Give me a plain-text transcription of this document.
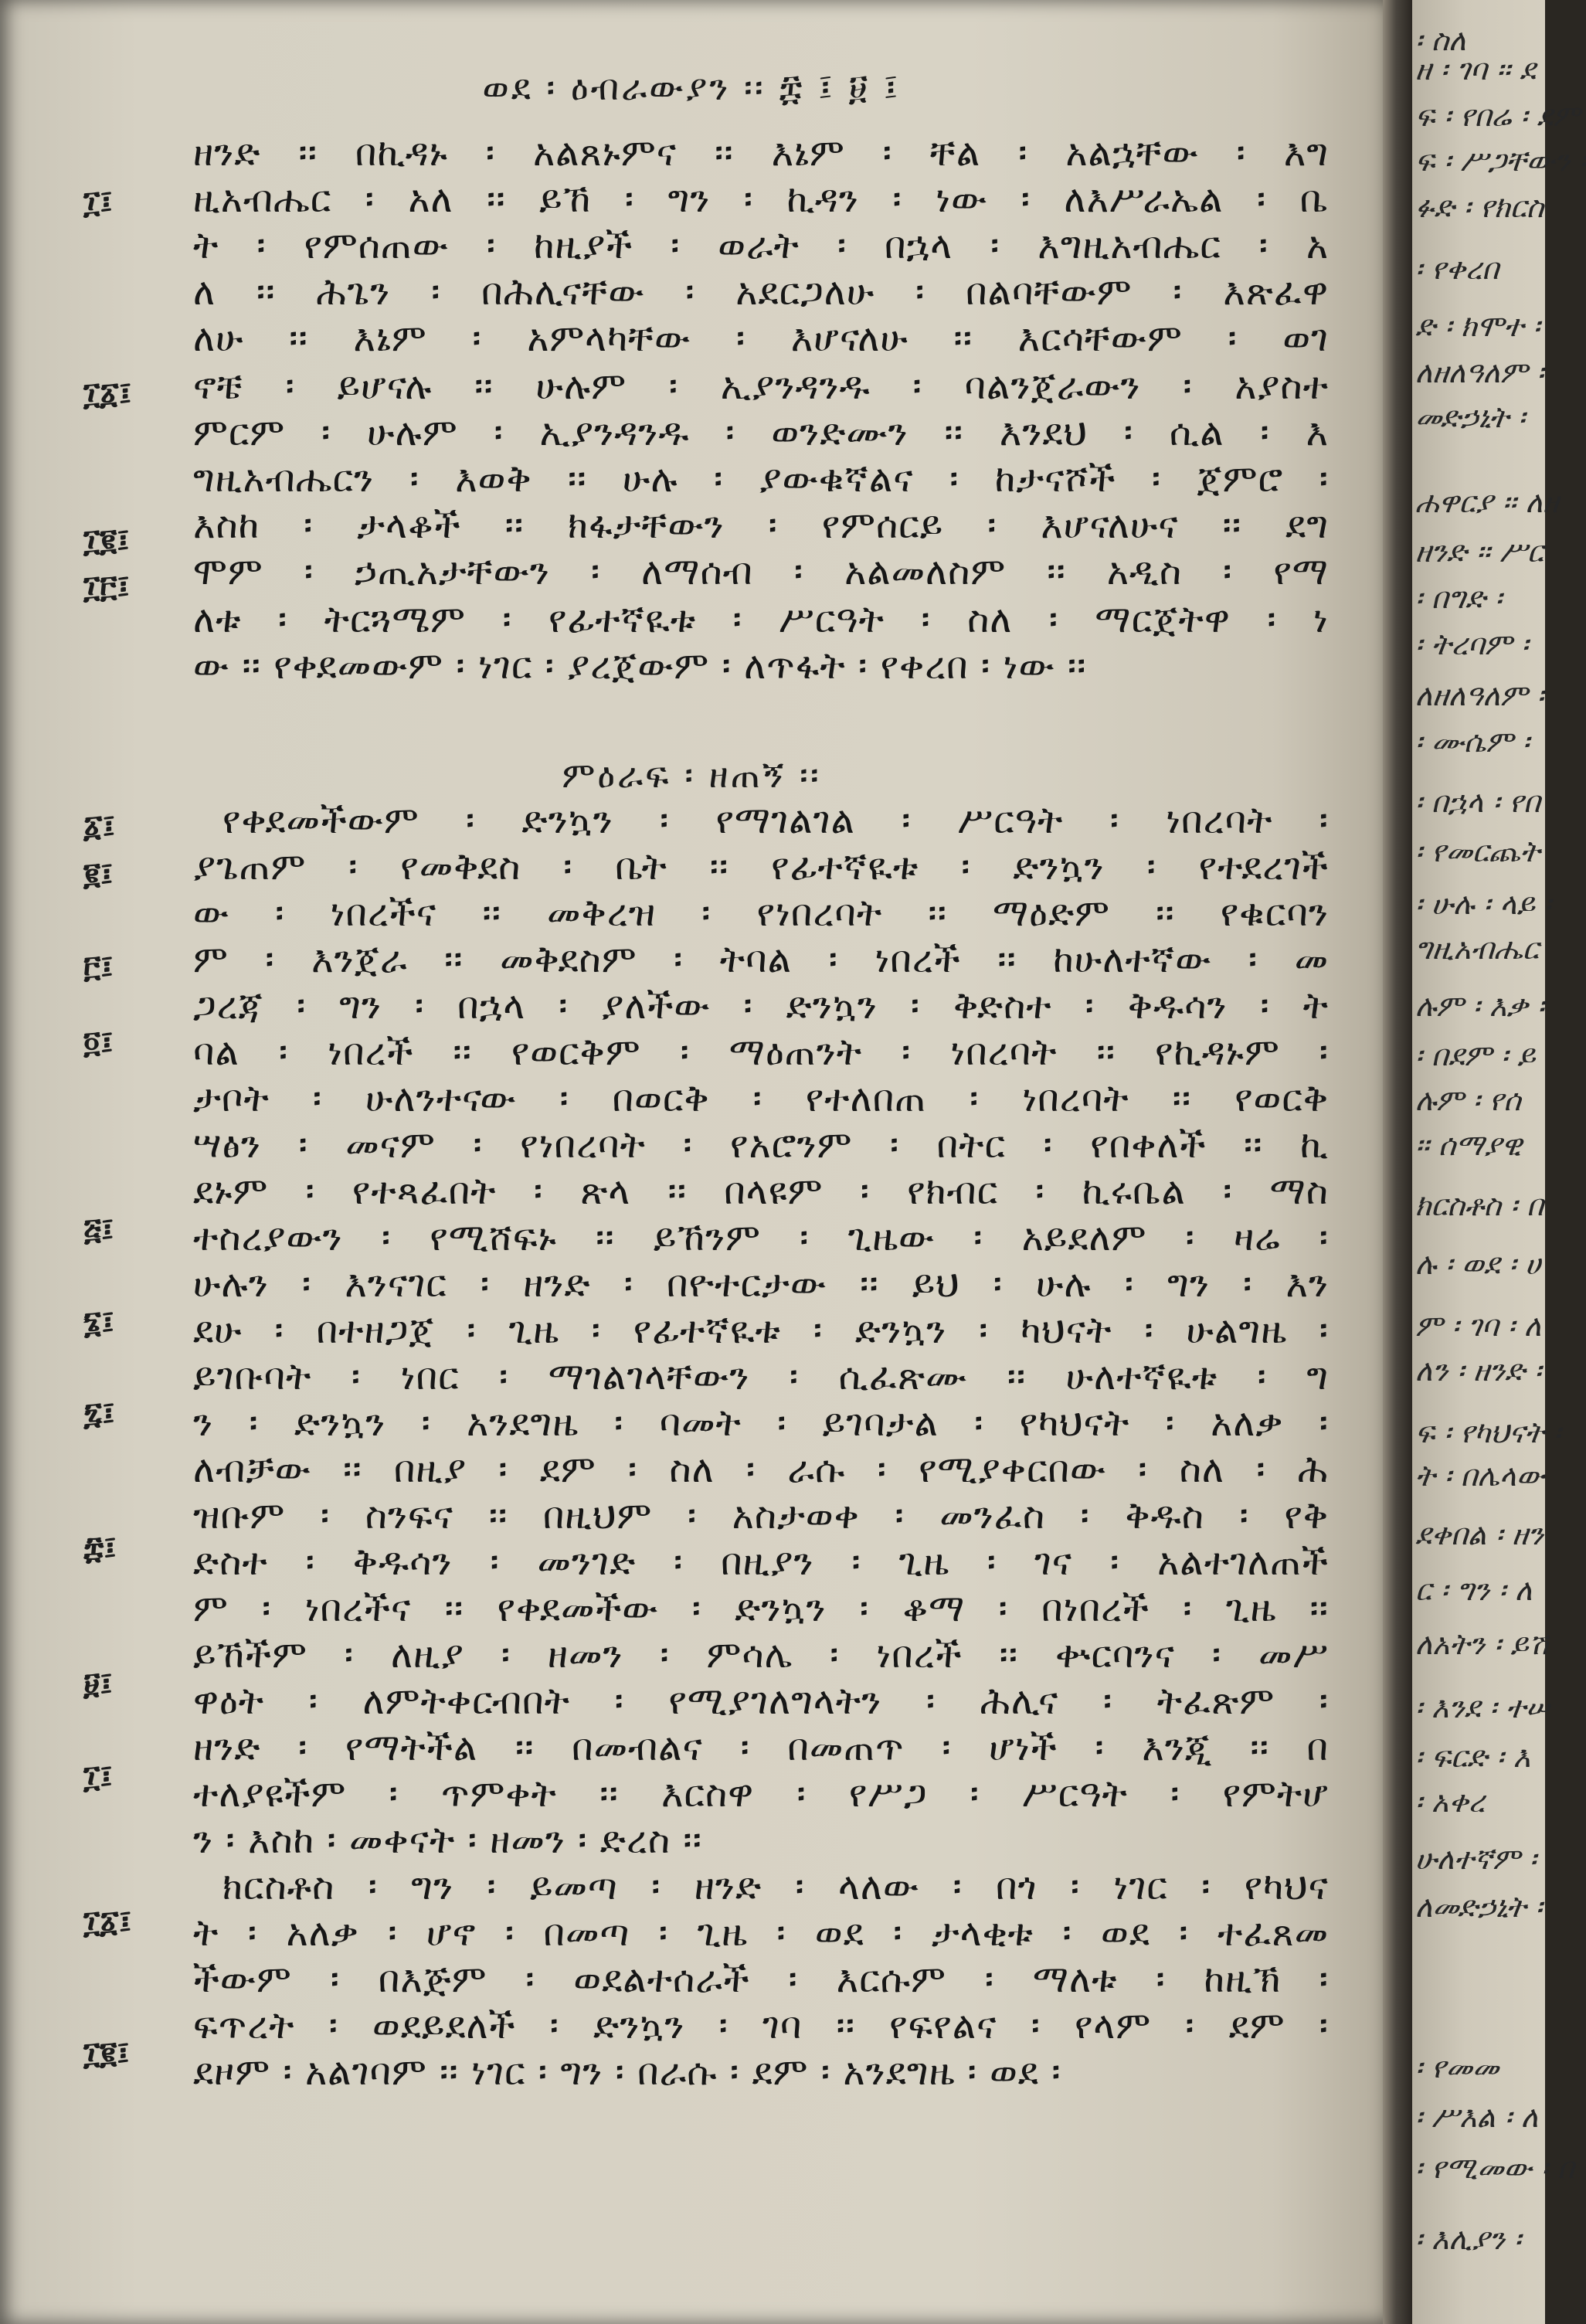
ወደ ፡ ዕብራውያን ፡፡ ፰ ፤ ፱ ፤
ምዕራፍ ፡ ዘጠኝ ፡፡
፲፤
፲፩፤
፲፪፤
፲፫፤
፩፤
፪፤
፫፤
፬፤
፭፤
፮፤
፯፤
፰፤
፱፤
፲፤
፲፩፤
፲፪፤
ዘንድ ፡፡ በኪዳኑ ፡ አልጸኑምና ፡፡ እኔም ፡ ቸል ፡ አልኋቸው ፡ እግ
ዚአብሔር ፡ አለ ፡፡ ይኸ ፡ ግን ፡ ኪዳን ፡ ነው ፡ ለእሥራኤል ፡ ቤ
ት ፡ የምሰጠው ፡ ከዚያች ፡ ወራት ፡ በኋላ ፡ እግዚአብሔር ፡ አ
ለ ፡፡ ሕጌን ፡ በሕሊናቸው ፡ አደርጋለሁ ፡ በልባቸውም ፡ እጽፈዋ
ለሁ ፡፡ እኔም ፡ አምላካቸው ፡ እሆናለሁ ፡፡ እርሳቸውም ፡ ወገ
ኖቼ ፡ ይሆናሉ ፡፡ ሁሉም ፡ ኢያንዳንዱ ፡ ባልንጀራውን ፡ አያስተ
ምርም ፡ ሁሉም ፡ ኢያንዳንዱ ፡ ወንድሙን ፡፡ እንደህ ፡ ሲል ፡ እ
ግዚአብሔርን ፡ እወቅ ፡፡ ሁሉ ፡ ያውቁኛልና ፡ ከታናሾች ፡ ጀምሮ ፡
እስከ ፡ ታላቆች ፡፡ ክፋታቸውን ፡ የምሰርይ ፡ እሆናለሁና ፡፡ ደግ
ሞም ፡ ኃጢአታቸውን ፡ ለማሰብ ፡ አልመለስም ፡፡ አዲስ ፡ የማ
ለቱ ፡ ትርጓሜም ፡ የፊተኛዪቱ ፡ ሥርዓት ፡ ስለ ፡ ማርጀትዋ ፡ ነ
ው ፡፡ የቀደመውም ፡ ነገር ፡ ያረጀውም ፡ ለጥፋት ፡ የቀረበ ፡ ነው ፡፡
የቀደመችውም ፡ ድንኳን ፡ የማገልገል ፡ ሥርዓት ፡ ነበረባት ፡
ያጌጠም ፡ የመቅደስ ፡ ቤት ፡፡ የፊተኛዪቱ ፡ ድንኳን ፡ የተደረገች
ው ፡ ነበረችና ፡፡ መቅረዝ ፡ የነበረባት ፡፡ ማዕድም ፡፡ የቁርባን
ም ፡ እንጀራ ፡፡ መቅደስም ፡ ትባል ፡ ነበረች ፡፡ ከሁለተኛው ፡ መ
ጋረጃ ፡ ግን ፡ በኋላ ፡ ያለችው ፡ ድንኳን ፡ ቅድስተ ፡ ቅዱሳን ፡ ት
ባል ፡ ነበረች ፡፡ የወርቅም ፡ ማዕጠንት ፡ ነበረባት ፡፡ የኪዳኑም ፡
ታቦት ፡ ሁለንተናው ፡ በወርቅ ፡ የተለበጠ ፡ ነበረባት ፡፡ የወርቅ
ሣፅን ፡ መናም ፡ የነበረባት ፡ የአሮንም ፡ በትር ፡ የበቀለች ፡፡ ኪ
ደኑም ፡ የተጻፈበት ፡ ጽላ ፡፡ በላዩም ፡ የክብር ፡ ኪሩቤል ፡ ማስ
ተስረያውን ፡ የሚሸፍኑ ፡፡ ይኸንም ፡ ጊዜው ፡ አይደለም ፡ ዛሬ ፡
ሁሉን ፡ እንናገር ፡ ዘንድ ፡ በዮተርታው ፡፡ ይህ ፡ ሁሉ ፡ ግን ፡ እን
ደሁ ፡ በተዘጋጀ ፡ ጊዜ ፡ የፊተኛዪቱ ፡ ድንኳን ፡ ካህናት ፡ ሁልግዜ ፡
ይገቡባት ፡ ነበር ፡ ማገልገላቸውን ፡ ሲፈጽሙ ፡፡ ሁለተኛዪቱ ፡ ግ
ን ፡ ድንኳን ፡ አንደግዜ ፡ ባመት ፡ ይገባታል ፡ የካህናት ፡ አለቃ ፡
ለብቻው ፡፡ በዚያ ፡ ደም ፡ ስለ ፡ ራሱ ፡ የሚያቀርበው ፡ ስለ ፡ ሕ
ዝቡም ፡ ስንፍና ፡፡ በዚህም ፡ አስታወቀ ፡ መንፈስ ፡ ቅዱስ ፡ የቅ
ድስተ ፡ ቅዱሳን ፡ መንገድ ፡ በዚያን ፡ ጊዜ ፡ ገና ፡ አልተገለጠች
ም ፡ ነበረችና ፡፡ የቀደመችው ፡ ድንኳን ፡ ቆማ ፡ በነበረች ፡ ጊዜ ፡፡
ይኸችም ፡ ለዚያ ፡ ዘመን ፡ ምሳሌ ፡ ነበረች ፡፡ ቍርባንና ፡ መሥ
ዋዕት ፡ ለምትቀርብበት ፡ የሚያገለግላትን ፡ ሕሊና ፡ ትፈጽም ፡
ዘንድ ፡ የማትችል ፡፡ በመብልና ፡ በመጠጥ ፡ ሆነች ፡ እንጂ ፡፡ በ
ተለያዩችም ፡ ጥምቀት ፡፡ እርስዋ ፡ የሥጋ ፡ ሥርዓት ፡ የምትሆ
ን ፡ እስከ ፡ መቀናት ፡ ዘመን ፡ ድረስ ፡፡
ክርስቶስ ፡ ግን ፡ ይመጣ ፡ ዘንድ ፡ ላለው ፡ በጎ ፡ ነገር ፡ የካህና
ት ፡ አለቃ ፡ ሆኖ ፡ በመጣ ፡ ጊዜ ፡ ወደ ፡ ታላቂቱ ፡ ወደ ፡ ተፈጸመ
ችውም ፡ በእጅም ፡ ወደልተሰራች ፡ እርሱም ፡ ማለቱ ፡ ከዚኽ ፡
ፍጥረት ፡ ወደይደለች ፡ ድንኳን ፡ ገባ ፡፡ የፍየልና ፡ የላም ፡ ደም ፡
ደዞም ፡ አልገባም ፡፡ ነገር ፡ ግን ፡ በራሱ ፡ ደም ፡ አንደግዜ ፡ ወደ ፡
፡ ስለ
ዘ ፡ ገባ ፡፡ ደ
ፍ ፡ የበሬ ፡ ደም
ፍ ፡ ሥጋቸውን ፡
ፉድ ፡ የክርስ
፡ የቀረበ
ድ ፡ ክሞተ ፡
ለዘለዓለም ፡
መድኃኒት ፡
ሐዋርያ ፡፡ ለዘ
ዘንድ ፡፡ ሥር
፡ በግድ ፡
፡ ትረባም ፡
ለዘለዓለም ፡
፡ ሙሴም ፡
፡ በኋላ ፡ የበ
፡ የመርጨት
፡ ሁሉ ፡ ላይ ፡
ግዚአብሔር
ሉም ፡ እቃ ፡
፡ በደም ፡ ይ
ሉም ፡ የሰ
፡፡ ሰማያዊ
ክርስቶስ ፡ በ
ሉ ፡ ወደ ፡ ሀ
ም ፡ ገባ ፡ ለ
ለን ፡ ዘንድ ፡
ፍ ፡ የካህናት ፡
ት ፡ በሌላው
ደቀበል ፡ ዘን
ር ፡ ግን ፡ ለ
ለአትን ፡ ይሽ
፡ እንደ ፡ ተሠ
፡ ፍርድ ፡ እ
፡ አቀረ
ሁለተኛም ፡
ለመድኃኒት ፡
፡ የመመ
፡ ሥእል ፡ ለ
፡ የሚመው ፡ በ
፡ እሊያን ፡
